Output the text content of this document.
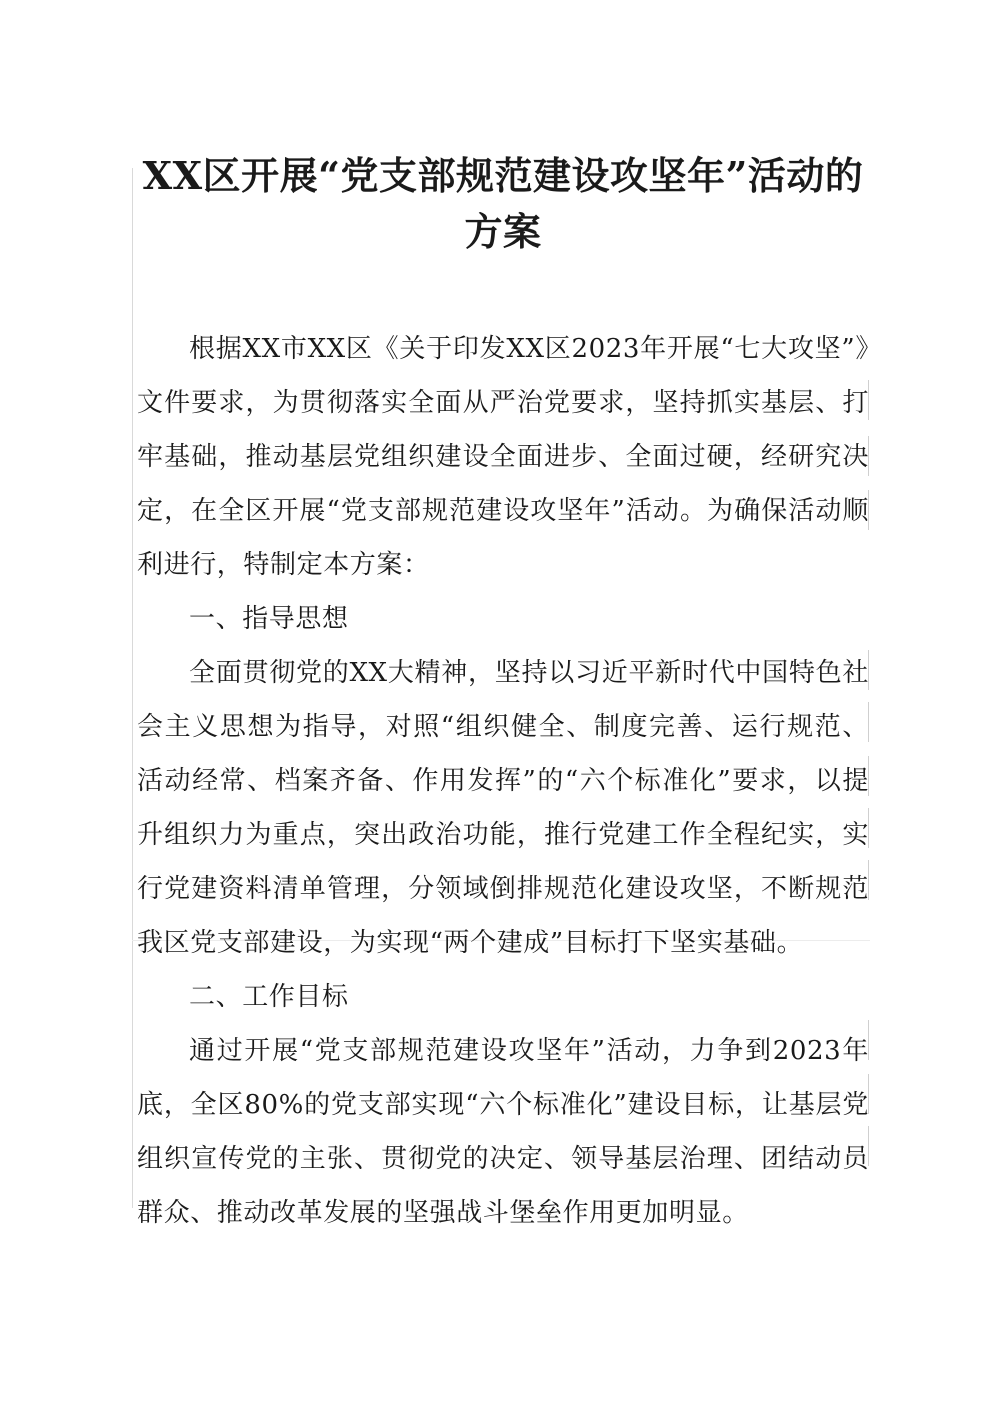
XX区开展“党支部规范建设攻坚年”活动的
方案

根据XX市XX区《关于印发XX区2023年开展“七大攻坚”》文件要求，为贯彻落实全面从严治党要求，坚持抓实基层、打牢基础，推动基层党组织建设全面进步、全面过硬，经研究决定，在全区开展“党支部规范建设攻坚年”活动。为确保活动顺利进行，特制定本方案：

一、指导思想

全面贯彻党的XX大精神，坚持以习近平新时代中国特色社会主义思想为指导，对照“组织健全、制度完善、运行规范、活动经常、档案齐备、作用发挥”的“六个标准化”要求，以提升组织力为重点，突出政治功能，推行党建工作全程纪实，实行党建资料清单管理，分领域倒排规范化建设攻坚，不断规范我区党支部建设，为实现“两个建成”目标打下坚实基础。

二、工作目标

通过开展“党支部规范建设攻坚年”活动，力争到2023年底，全区80%的党支部实现“六个标准化”建设目标，让基层党组织宣传党的主张、贯彻党的决定、领导基层治理、团结动员群众、推动改革发展的坚强战斗堡垒作用更加明显。
